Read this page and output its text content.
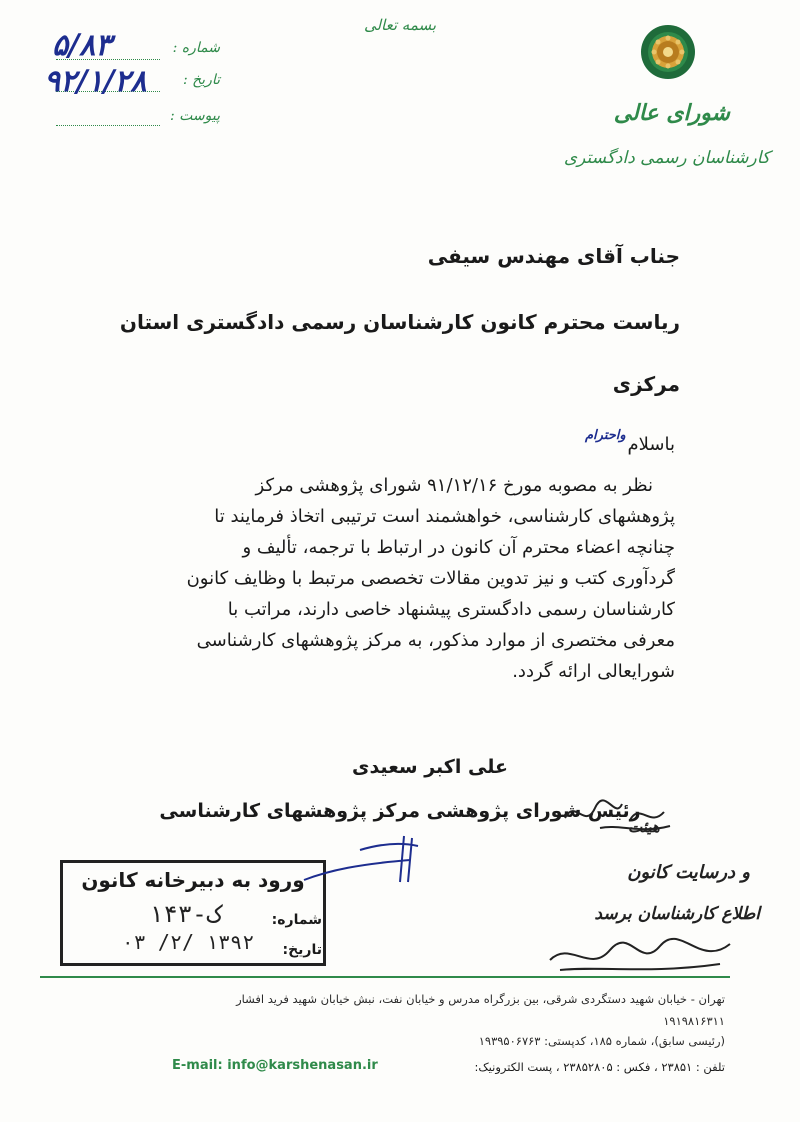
بسمه تعالی
شورای عالی
کارشناسان رسمی دادگستری
شماره :
تاریخ :
پیوست :
۵/۸۳
۹۲/۱/۲۸
جناب آقای مهندس سیفی
ریاست محترم کانون کارشناسان رسمی دادگستری استان
مرکزی
باسلام
واحترام
نظر به مصوبه مورخ ۹۱/۱۲/۱۶ شورای پژوهشی مرکز
پژوهشهای کارشناسی، خواهشمند است ترتیبی اتخاذ فرمایند تا
چنانچه اعضاء محترم آن کانون در ارتباط با ترجمه، تألیف و
گردآوری کتب و نیز تدوین مقالات تخصصی مرتبط با وظایف کانون
کارشناسان رسمی دادگستری پیشنهاد خاصی دارند، مراتب با
معرفی مختصری از موارد مذکور، به مرکز پژوهشهای کارشناسی
شورایعالی ارائه گردد.
علی اکبر سعیدی
رئیس شورای پژوهشی مرکز پژوهشهای کارشناسی
ورود به دبیرخانه کانون
شماره:
تاریخ:
ک-۱۴۳
۱۳۹۲ /۲/ ۰۳
هیئت
و درسایت کانون
اطلاع کارشناسان برسد
تهران - خیابان شهید دستگردی شرقی، بین بزرگراه مدرس و خیابان نفت، نبش خیابان شهید فرید افشار
۱۹۱۹۸۱۶۳۱۱
(رئیسی سابق)، شماره ۱۸۵، کدپستی: ۱۹۳۹۵۰۶۷۶۳
تلفن : ۲۳۸۵۱ ، فکس : ۲۳۸۵۲۸۰۵ ، پست الکترونیک:
E-mail: info@karshenasan.ir
